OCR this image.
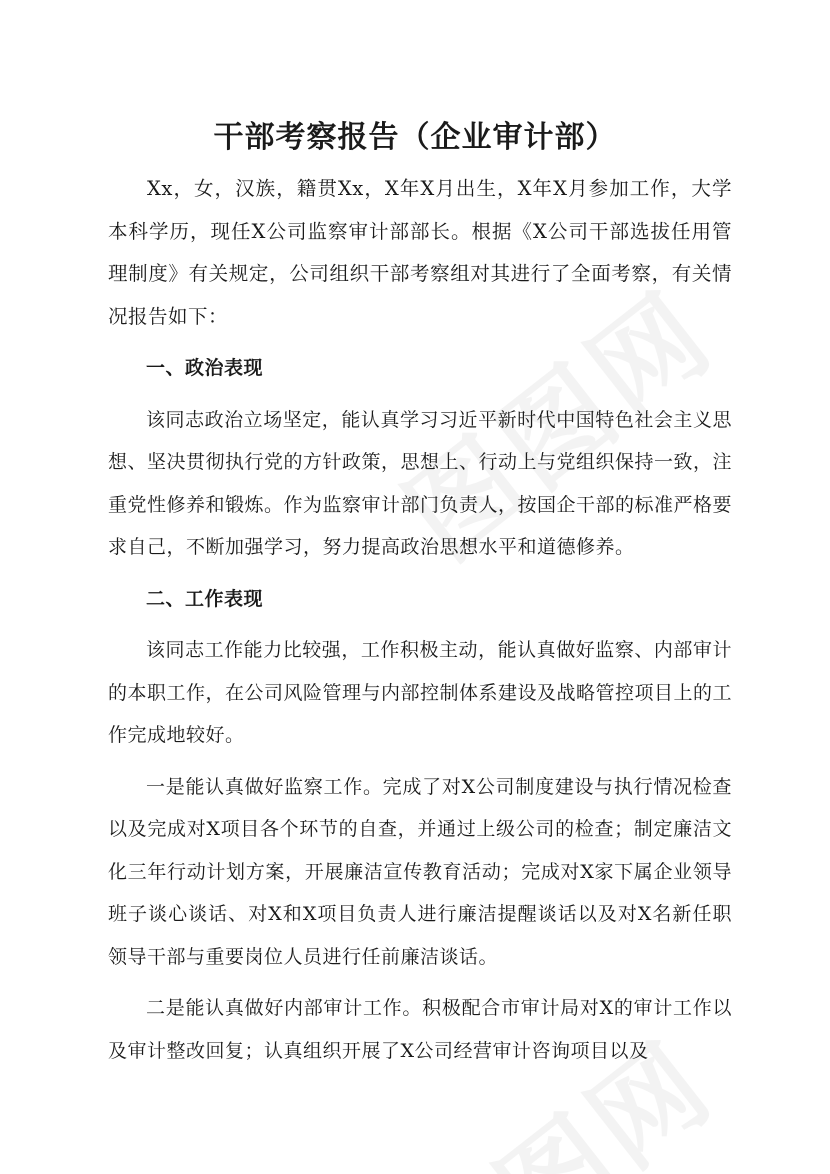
干部考察报告（企业审计部）

Xx，女，汉族，籍贯Xx，X年X月出生，X年X月参加工作，大学本科学历，现任X公司监察审计部部长。根据《X公司干部选拔任用管理制度》有关规定，公司组织干部考察组对其进行了全面考察，有关情况报告如下：

一、政治表现

该同志政治立场坚定，能认真学习习近平新时代中国特色社会主义思想、坚决贯彻执行党的方针政策，思想上、行动上与党组织保持一致，注重党性修养和锻炼。作为监察审计部门负责人，按国企干部的标准严格要求自己，不断加强学习，努力提高政治思想水平和道德修养。

二、工作表现

该同志工作能力比较强，工作积极主动，能认真做好监察、内部审计的本职工作，在公司风险管理与内部控制体系建设及战略管控项目上的工作完成地较好。

一是能认真做好监察工作。完成了对X公司制度建设与执行情况检查以及完成对X项目各个环节的自查，并通过上级公司的检查；制定廉洁文化三年行动计划方案，开展廉洁宣传教育活动；完成对X家下属企业领导班子谈心谈话、对X和X项目负责人进行廉洁提醒谈话以及对X名新任职领导干部与重要岗位人员进行任前廉洁谈话。

二是能认真做好内部审计工作。积极配合市审计局对X的审计工作以及审计整改回复；认真组织开展了X公司经营审计咨询项目以及
